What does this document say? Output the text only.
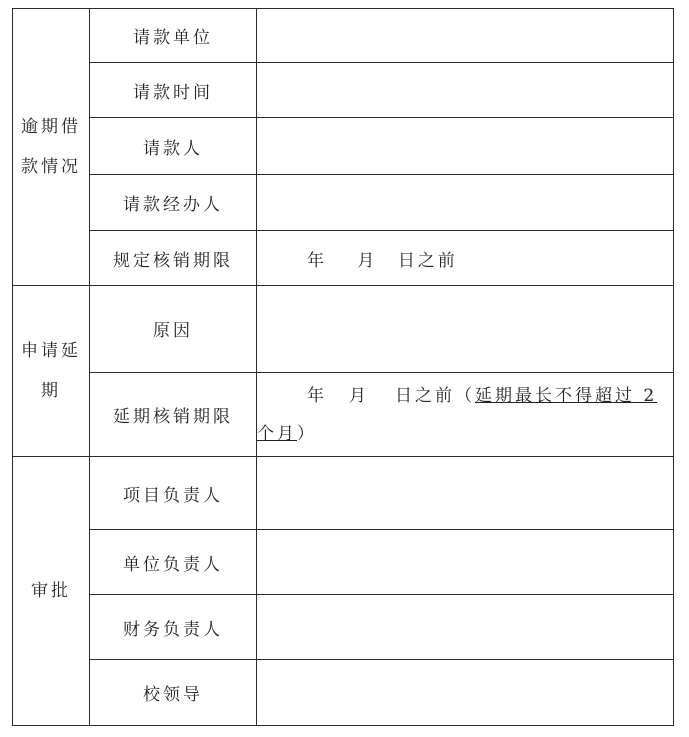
逾期借款情况	请款单位	
	请款时间	
	请款人	
	请款经办人	
	规定核销期限	年 月 日之前

申请延期	原因	
	延期核销期限	年 月 日之前（延期最长不得超过 2
个月）
审批	项目负责人	
	单位负责人	
	财务负责人	
	校领导	
